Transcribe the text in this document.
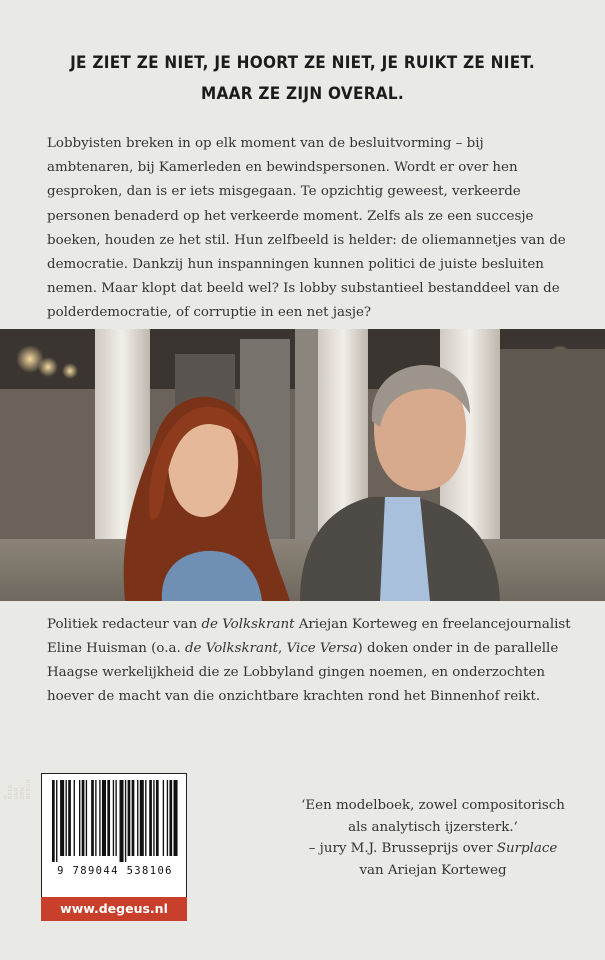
JE ZIET ZE NIET, JE HOORT ZE NIET, JE RUIKT ZE NIET.
MAAR ZE ZIJN OVERAL.
Lobbyisten breken in op elk moment van de besluitvorming – bij
ambtenaren, bij Kamerleden en bewindspersonen. Wordt er over hen
gesproken, dan is er iets misgegaan. Te opzichtig geweest, verkeerde
personen benaderd op het verkeerde moment. Zelfs als ze een succesje
boeken, houden ze het stil. Hun zelfbeeld is helder: de oliemannetjes van de
democratie. Dankzij hun inspanningen kunnen politici de juiste besluiten
nemen. Maar klopt dat beeld wel? Is lobby substantieel bestanddeel van de
polderdemocratie, of corruptie in een net jasje?
© BEEK VAN DEN BERGH
Politiek redacteur van de Volkskrant Ariejan Korteweg en freelancejournalist
Eline Huisman (o.a. de Volkskrant, Vice Versa) doken onder in de parallelle
Haagse werkelijkheid die ze Lobbyland gingen noemen, en onderzochten
hoever de macht van die onzichtbare krachten rond het Binnenhof reikt.
9 789044 538106
www.degeus.nl
‘Een modelboek, zowel compositorisch
als analytisch ijzersterk.’
– jury M.J. Brusseprijs over Surplace
van Ariejan Korteweg
